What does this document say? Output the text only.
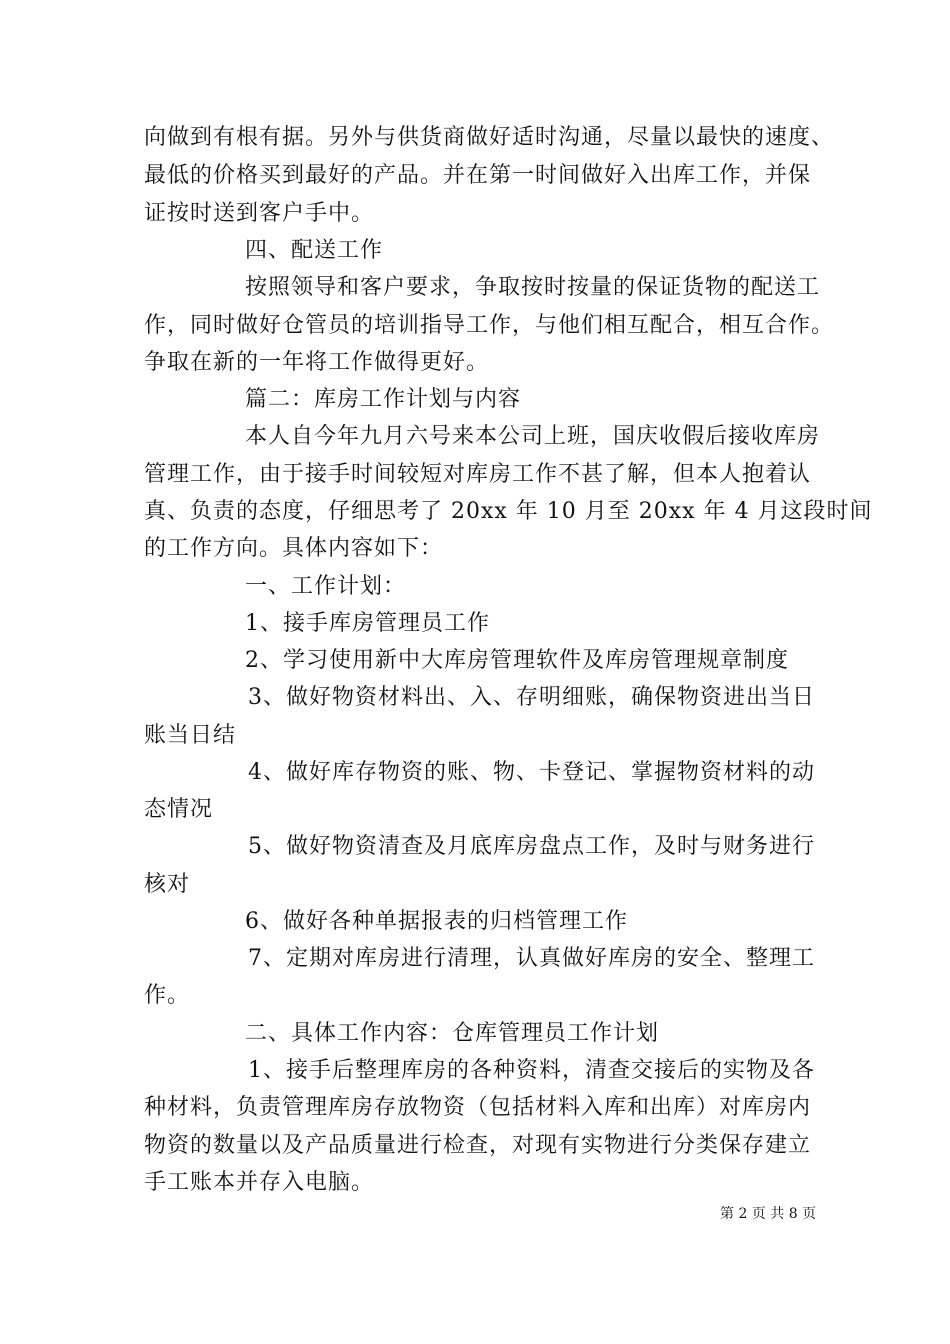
向做到有根有据。另外与供货商做好适时沟通，尽量以最快的速度、
最低的价格买到最好的产品。并在第一时间做好入出库工作，并保
证按时送到客户手中。
四、配送工作
按照领导和客户要求，争取按时按量的保证货物的配送工
作，同时做好仓管员的培训指导工作，与他们相互配合，相互合作。
争取在新的一年将工作做得更好。
篇二：库房工作计划与内容
本人自今年九月六号来本公司上班，国庆收假后接收库房
管理工作，由于接手时间较短对库房工作不甚了解，但本人抱着认
真、负责的态度，仔细思考了 20xx 年 10 月至 20xx 年 4 月这段时间
的工作方向。具体内容如下：
一、工作计划：
1、接手库房管理员工作
2、学习使用新中大库房管理软件及库房管理规章制度
3、做好物资材料出、入、存明细账，确保物资进出当日
账当日结
4、做好库存物资的账、物、卡登记、掌握物资材料的动
态情况
5、做好物资清查及月底库房盘点工作，及时与财务进行
核对
6、做好各种单据报表的归档管理工作
7、定期对库房进行清理，认真做好库房的安全、整理工
作。
二、具体工作内容：仓库管理员工作计划
1、接手后整理库房的各种资料，清查交接后的实物及各
种材料，负责管理库房存放物资（包括材料入库和出库）对库房内
物资的数量以及产品质量进行检查，对现有实物进行分类保存建立
手工账本并存入电脑。
第 2 页 共 8 页
